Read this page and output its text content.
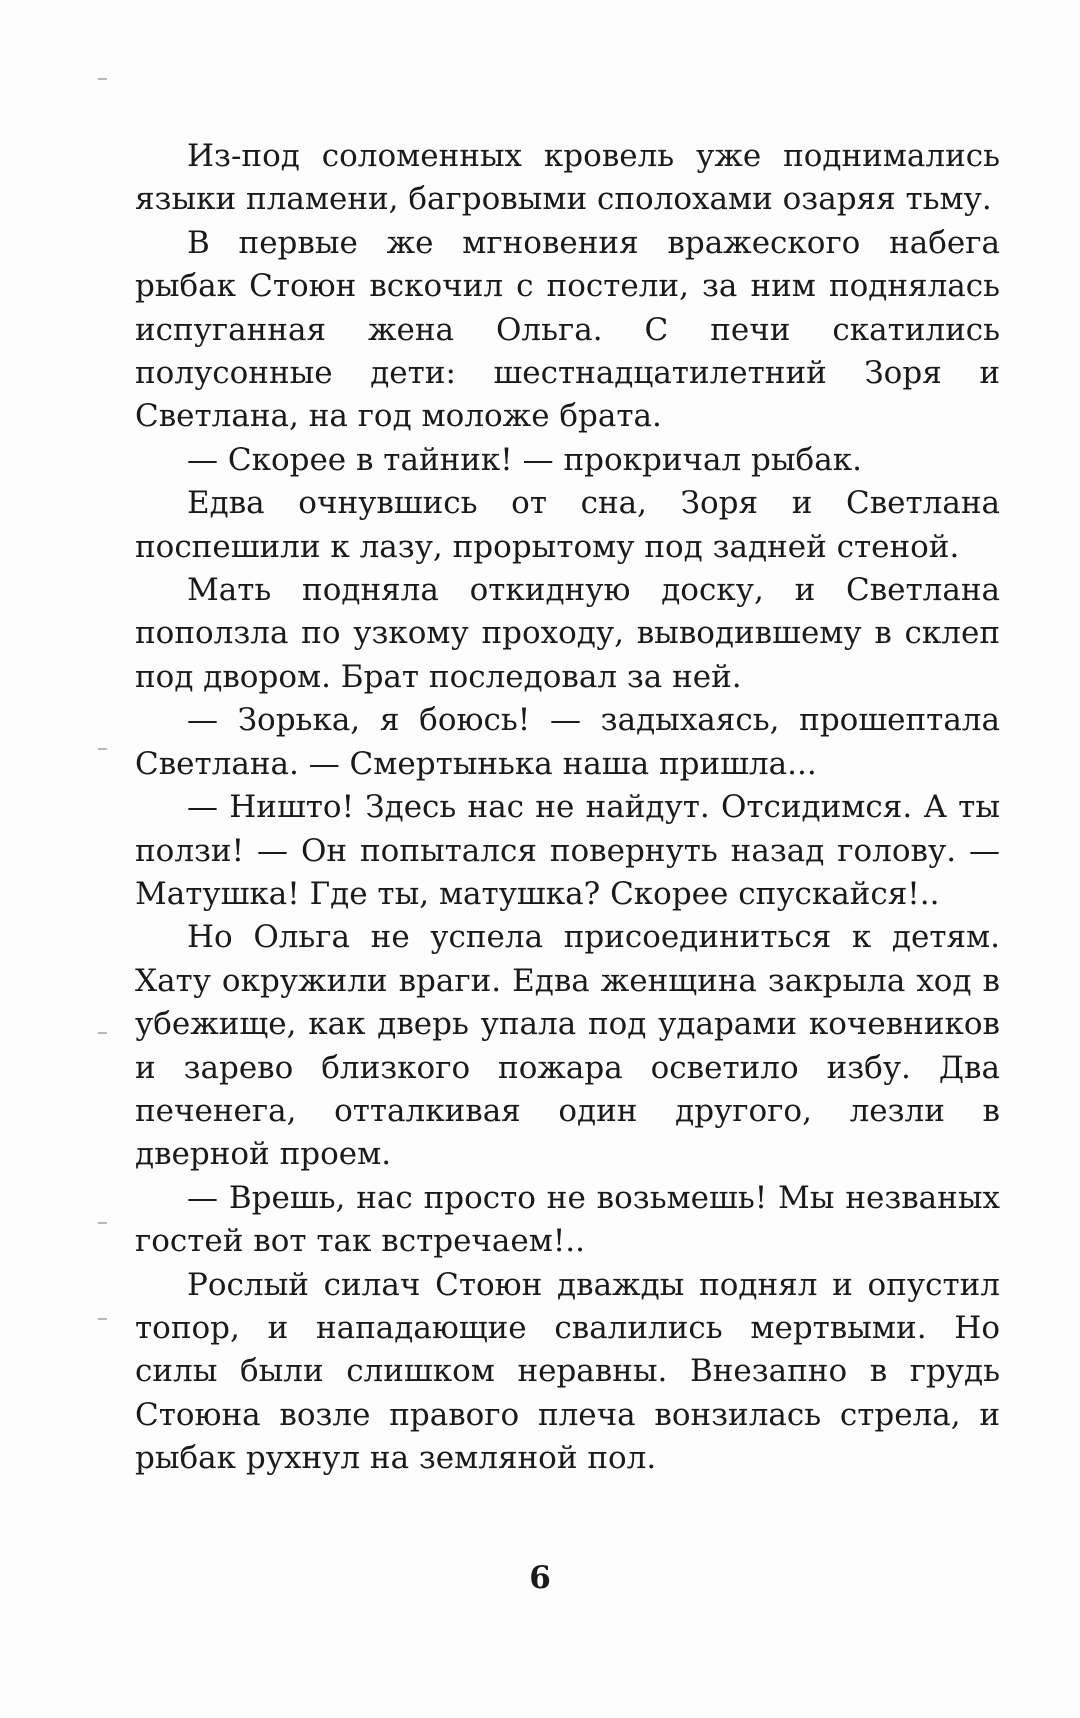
Из-под соломенных кровель уже поднимались языки пламени, багровыми сполохами озаряя тьму.

В первые же мгновения вражеского набега рыбак Стоюн вскочил с постели, за ним поднялась испуганная жена Ольга. С печи скатились полусонные дети: шестнадцатилетний Зоря и Светлана, на год моложе брата.

— Скорее в тайник! — прокричал рыбак.

Едва очнувшись от сна, Зоря и Светлана поспешили к лазу, прорытому под задней стеной.

Мать подняла откидную доску, и Светлана поползла по узкому проходу, выводившему в склеп под двором. Брат последовал за ней.

— Зорька, я боюсь! — задыхаясь, прошептала Светлана. — Смертынька наша пришла...

— Ништо! Здесь нас не найдут. Отсидимся. А ты ползи! — Он попытался повернуть назад голову. — Матушка! Где ты, матушка? Скорее спускайся!..

Но Ольга не успела присоединиться к детям. Хату окружили враги. Едва женщина закрыла ход в убежище, как дверь упала под ударами кочевников и зарево близкого пожара осветило избу. Два печенега, отталкивая один другого, лезли в дверной проем.

— Врешь, нас просто не возьмешь! Мы незваных гостей вот так встречаем!..

Рослый силач Стоюн дважды поднял и опустил топор, и нападающие свалились мертвыми. Но силы были слишком неравны. Внезапно в грудь Стоюна возле правого плеча вонзилась стрела, и рыбак рухнул на земляной пол.

6
